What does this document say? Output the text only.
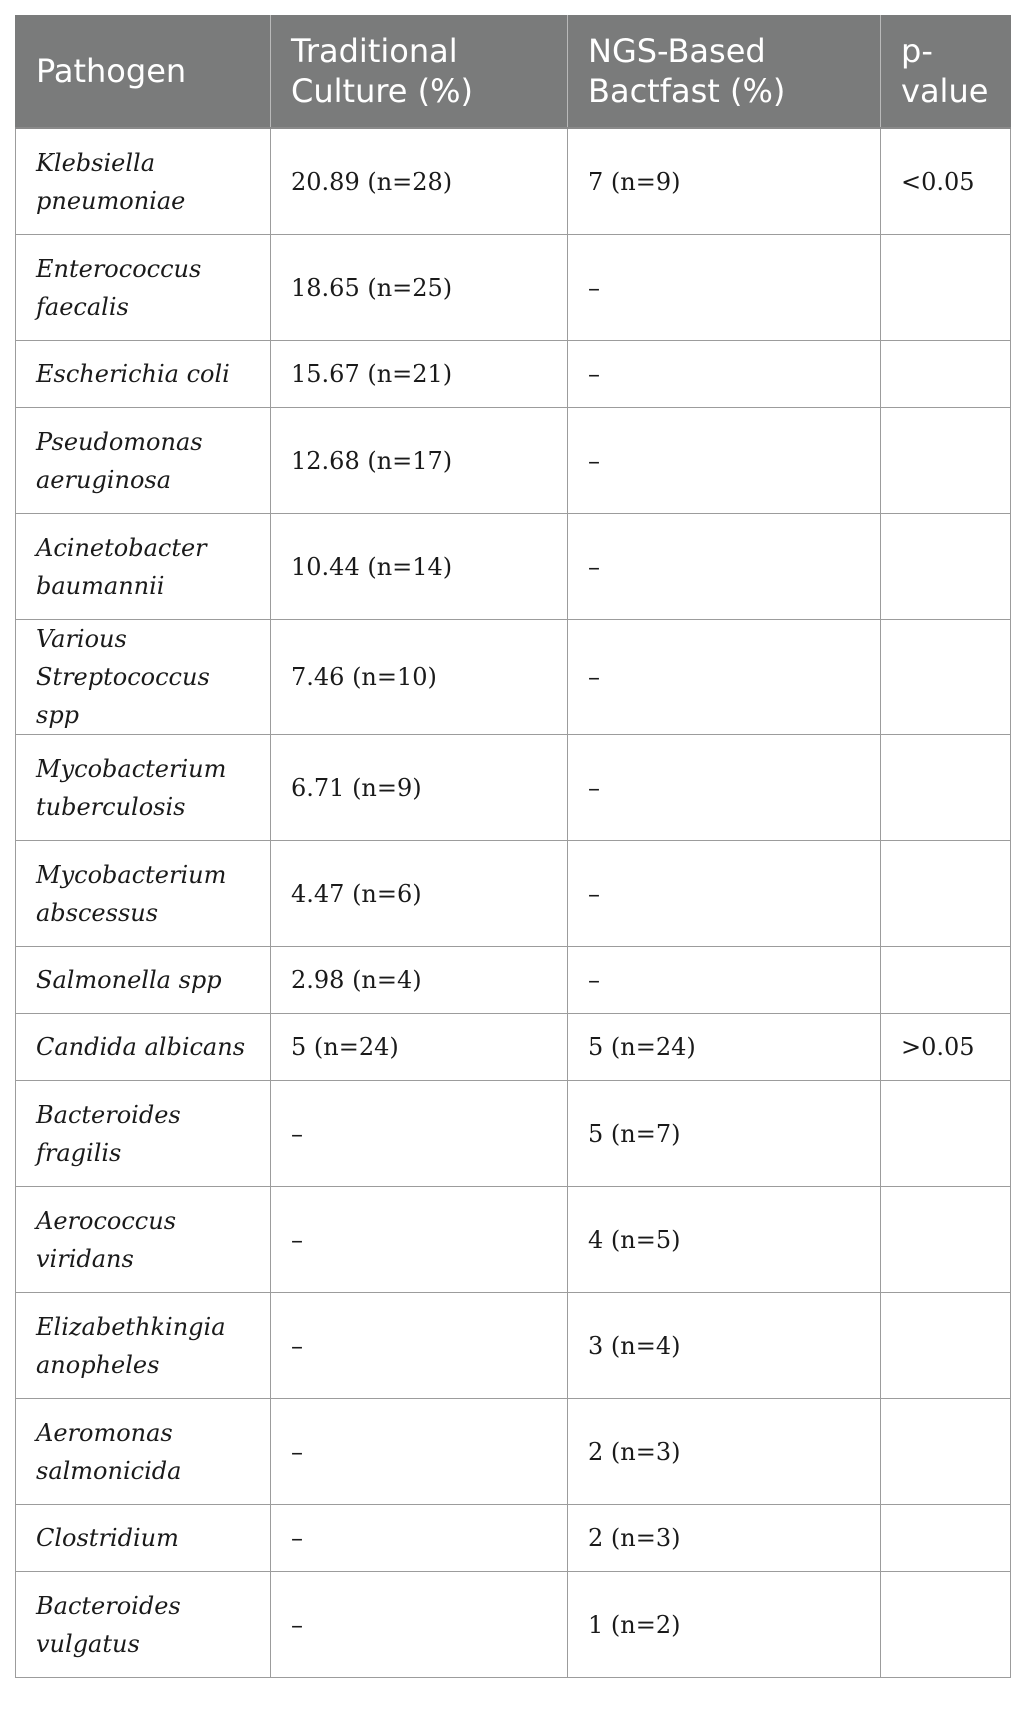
Pathogen	Traditional Culture (%)	NGS-Based Bactfast (%)	p-value
Klebsiella pneumoniae	20.89 (n=28)	7 (n=9)	<0.05
Enterococcus faecalis	18.65 (n=25)	–	
Escherichia coli	15.67 (n=21)	–	
Pseudomonas aeruginosa	12.68 (n=17)	–	
Acinetobacter baumannii	10.44 (n=14)	–	
Various Streptococcus spp	7.46 (n=10)	–	
Mycobacterium tuberculosis	6.71 (n=9)	–	
Mycobacterium abscessus	4.47 (n=6)	–	
Salmonella spp	2.98 (n=4)	–	
Candida albicans	5 (n=24)	5 (n=24)	>0.05
Bacteroides fragilis	–	5 (n=7)	
Aerococcus viridans	–	4 (n=5)	
Elizabethkingia anopheles	–	3 (n=4)	
Aeromonas salmonicida	–	2 (n=3)	
Clostridium	–	2 (n=3)	
Bacteroides vulgatus	–	1 (n=2)	
